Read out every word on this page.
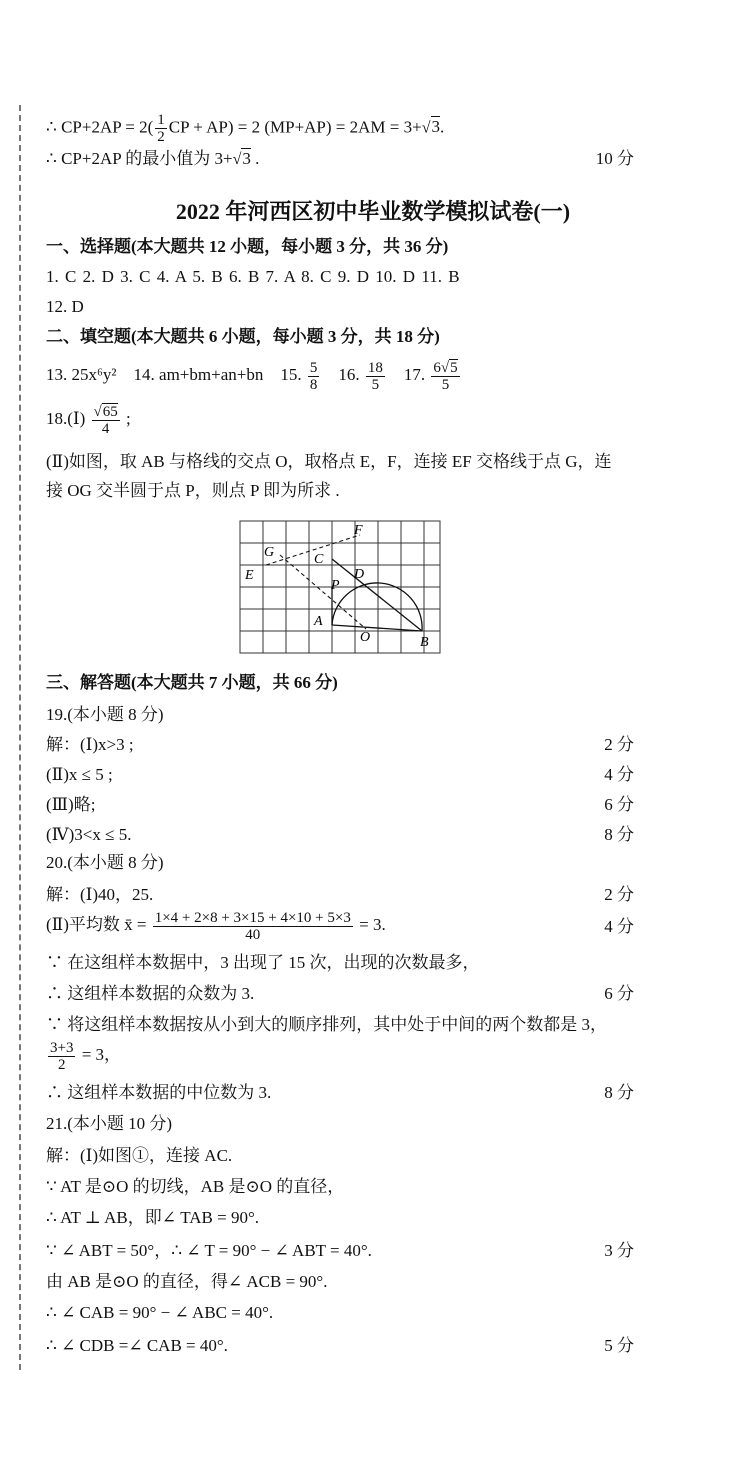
∴ $CP+2AP = 2( \frac{1}{2}$ CP + AP) = 2 (MP+AP) = 2AM = 3+√3.
∴ CP+2AP 的最小值为 3+√3 .	10 分
2022 年河西区初中毕业数学模拟试卷(一)
一、选择题(本大题共 12 小题，每小题 3 分，共 36 分)
1. C 2. D 3. C 4. A 5. B 6. B 7. A 8. C 9. D 10. D 11. B
12. D
二、填空题(本大题共 6 小题，每小题 3 分，共 18 分)
13. 25x⁶y² 14. am+bm+an+bn 15. $\frac{5}{8} 16$. $\frac{18}{5} 17$. $\frac{6√5}{5}$
18.(Ⅰ) $\frac{√65}{4}$ ;
(Ⅱ)如图，取 AB 与格线的交点 O，取格点 E，F，连接 EF 交格线于点 G，连
接 OG 交半圆于点 P，则点 P 即为所求 .
F
G	C
E	D
P
A
O	B
三、解答题(本大题共 7 小题，共 66 分)
19.(本小题 8 分)
解：(Ⅰ)x>3 ;	2 分
(Ⅱ)x ≤ 5 ;	4 分
(Ⅲ)略;	6 分
(Ⅳ)3<x ≤ 5.	8 分
20.(本小题 8 分)
解：(Ⅰ)40，25.	2 分
(Ⅱ)平均数 x̄ = $\frac{1\times 4 + 2\times 8 + 3\times 15 + 4\times 10 + 5\times 3}{40} = 3$.	4 分
∵ 在这组样本数据中，3 出现了 15 次，出现的次数最多，
∴ 这组样本数据的众数为 3.	6 分
∵ 将这组样本数据按从小到大的顺序排列，其中处于中间的两个数都是 3，
$\frac{3+3}{2} = 3$，
∴ 这组样本数据的中位数为 3.	8 分
21.(本小题 10 分)
解：(Ⅰ)如图①，连接 AC.
∵ AT 是⊙O 的切线，AB 是⊙O 的直径，
∴ AT ⊥ AB，即∠ TAB = 90°.
∵ ∠ ABT = 50°，∴ ∠ T = 90° − ∠ ABT = 40°.	3 分
由 AB 是⊙O 的直径，得∠ ACB = 90°.
∴ ∠ CAB = 90° − ∠ ABC = 40°.
∴ ∠ CDB =∠ CAB = 40°.	5 分
